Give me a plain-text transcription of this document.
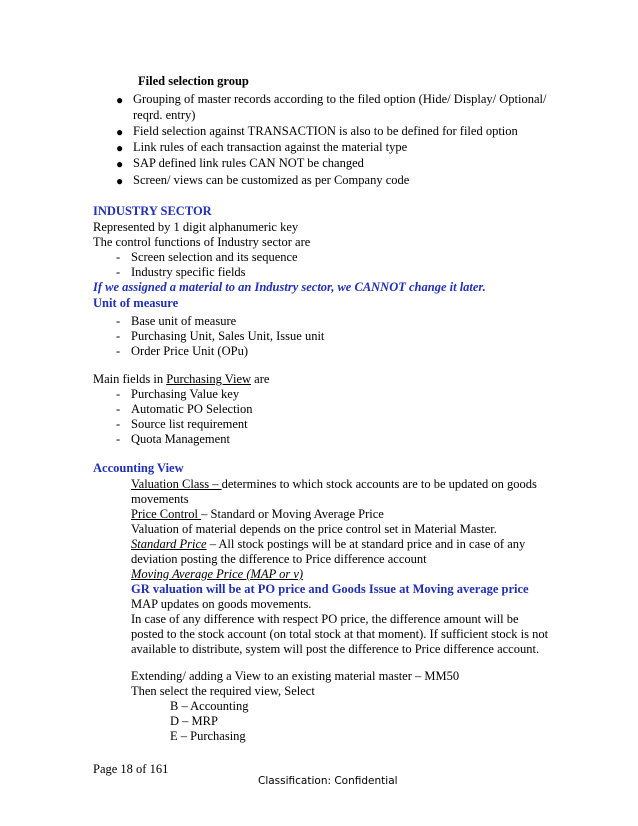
Filed selection group
● Grouping of master records according to the filed option (Hide/ Display/ Optional/
reqrd. entry)
● Field selection against TRANSACTION is also to be defined for filed option
● Link rules of each transaction against the material type
● SAP defined link rules CAN NOT be changed
● Screen/ views can be customized as per Company code
INDUSTRY SECTOR
Represented by 1 digit alphanumeric key
The control functions of Industry sector are
- Screen selection and its sequence
- Industry specific fields
If we assigned a material to an Industry sector, we CANNOT change it later.
Unit of measure
- Base unit of measure
- Purchasing Unit, Sales Unit, Issue unit
- Order Price Unit (OPu)
Main fields in Purchasing View are
- Purchasing Value key
- Automatic PO Selection
- Source list requirement
- Quota Management
Accounting View
Valuation Class – determines to which stock accounts are to be updated on goods
movements
Price Control – Standard or Moving Average Price
Valuation of material depends on the price control set in Material Master.
Standard Price – All stock postings will be at standard price and in case of any
deviation posting the difference to Price difference account
Moving Average Price (MAP or v)
GR valuation will be at PO price and Goods Issue at Moving average price
MAP updates on goods movements.
In case of any difference with respect PO price, the difference amount will be
posted to the stock account (on total stock at that moment). If sufficient stock is not
available to distribute, system will post the difference to Price difference account.
Extending/ adding a View to an existing material master – MM50
Then select the required view, Select
B – Accounting
D – MRP
E – Purchasing
Page 18 of 161
Classification: Confidential
